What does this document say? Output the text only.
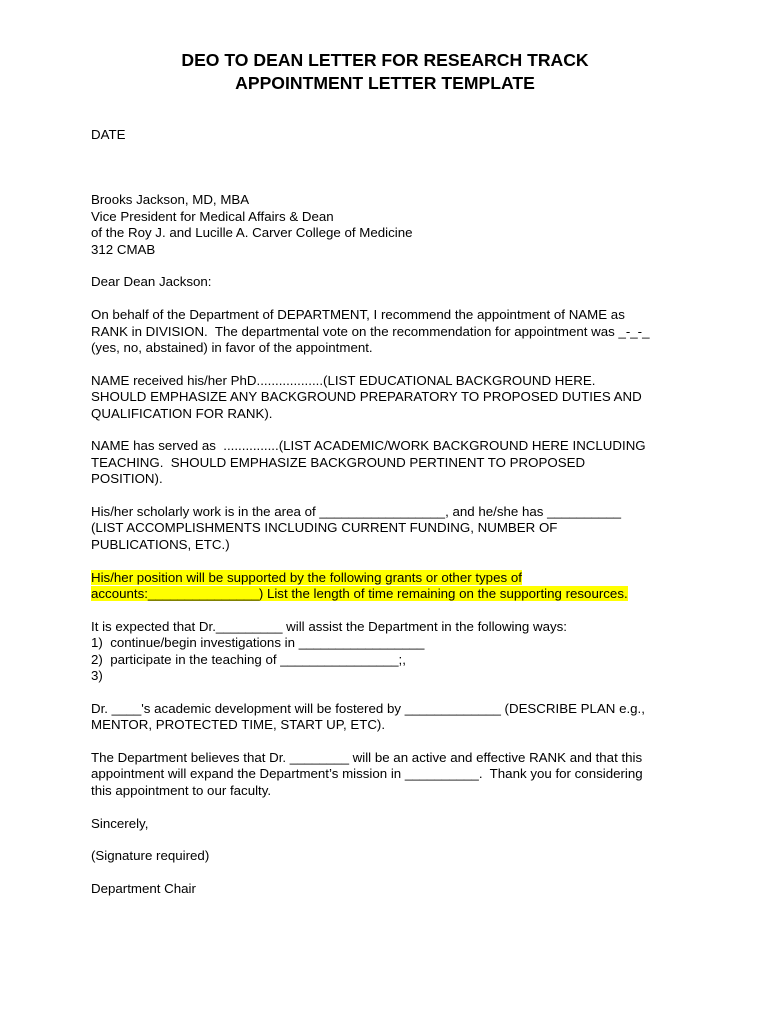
DEO TO DEAN LETTER FOR RESEARCH TRACK
APPOINTMENT LETTER TEMPLATE
DATE
Brooks Jackson, MD, MBA
Vice President for Medical Affairs & Dean
of the Roy J. and Lucille A. Carver College of Medicine
312 CMAB
Dear Dean Jackson:
On behalf of the Department of DEPARTMENT, I recommend the appointment of NAME as
RANK in DIVISION.  The departmental vote on the recommendation for appointment was _-_-_
(yes, no, abstained) in favor of the appointment.
NAME received his/her PhD..................(LIST EDUCATIONAL BACKGROUND HERE.
SHOULD EMPHASIZE ANY BACKGROUND PREPARATORY TO PROPOSED DUTIES AND
QUALIFICATION FOR RANK).
NAME has served as  ...............(LIST ACADEMIC/WORK BACKGROUND HERE INCLUDING
TEACHING.  SHOULD EMPHASIZE BACKGROUND PERTINENT TO PROPOSED
POSITION).
His/her scholarly work is in the area of _________________, and he/she has __________
(LIST ACCOMPLISHMENTS INCLUDING CURRENT FUNDING, NUMBER OF
PUBLICATIONS, ETC.)
His/her position will be supported by the following grants or other types of
accounts:_______________) List the length of time remaining on the supporting resources.
It is expected that Dr._________ will assist the Department in the following ways:
1)  continue/begin investigations in _________________
2)  participate in the teaching of ________________;,
3)
Dr. ____'s academic development will be fostered by _____________ (DESCRIBE PLAN e.g.,
MENTOR, PROTECTED TIME, START UP, ETC).
The Department believes that Dr. ________ will be an active and effective RANK and that this
appointment will expand the Department’s mission in __________.  Thank you for considering
this appointment to our faculty.
Sincerely,
(Signature required)
Department Chair
